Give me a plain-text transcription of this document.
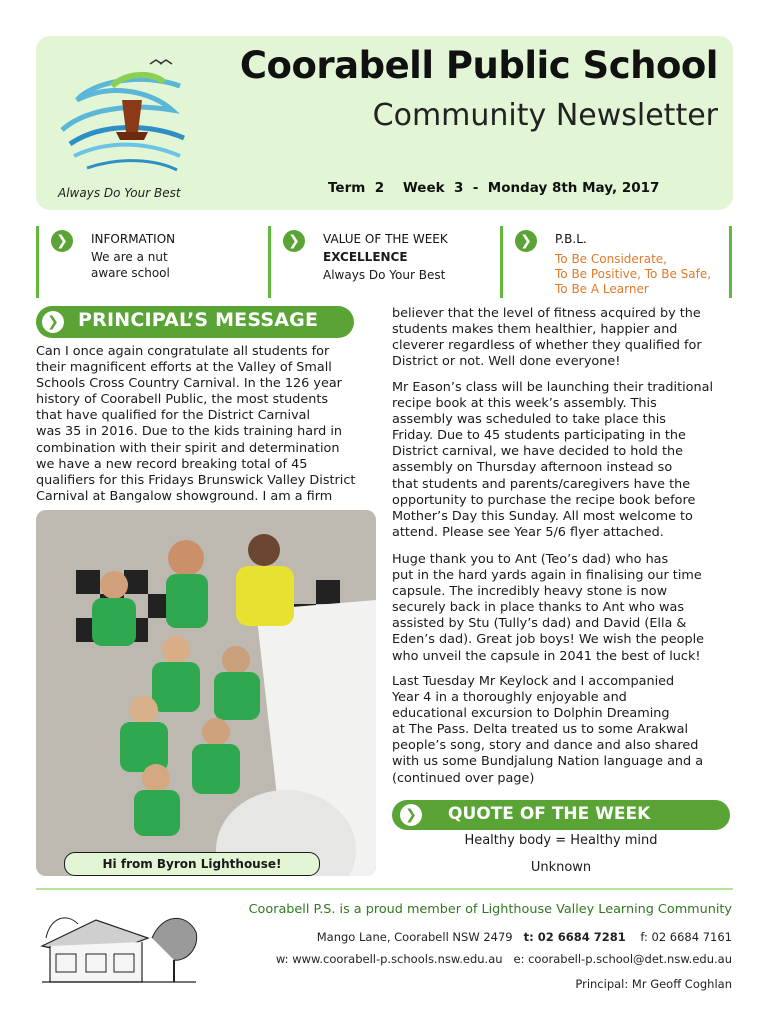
Always Do Your Best
Coorabell Public School
Community Newsletter
Term  2    Week  3  -  Monday 8th May, 2017
❯	INFORMATION
We are a nut
aware school
❯	VALUE OF THE WEEK
EXCELLENCE
Always Do Your Best
❯	P.B.L.
To Be Considerate,
To Be Positive, To Be Safe,
To Be A Learner
❯ PRINCIPAL’S MESSAGE

Can I once again congratulate all students for

their magnificent efforts at the Valley of Small

Schools Cross Country Carnival. In the 126 year

history of Coorabell Public, the most students

that have qualified for the District Carnival

was 35 in 2016. Due to the kids training hard in

combination with their spirit and determination

we have a new record breaking total of 45

qualifiers for this Fridays Brunswick Valley District

Carnival at Bangalow showground. I am a firm

Hi from Byron Lighthouse!

believer that the level of fitness acquired by the

students makes them healthier, happier and

cleverer regardless of whether they qualified for

District or not. Well done everyone!

Mr Eason’s class will be launching their traditional

recipe book at this week’s assembly. This

assembly was scheduled to take place this

Friday. Due to 45 students participating in the

District carnival, we have decided to hold the

assembly on Thursday afternoon instead so

that students and parents/caregivers have the

opportunity to purchase the recipe book before

Mother’s Day this Sunday. All most welcome to

attend. Please see Year 5/6 flyer attached.

Huge thank you to Ant (Teo’s dad) who has

put in the hard yards again in finalising our time

capsule. The incredibly heavy stone is now

securely back in place thanks to Ant who was

assisted by Stu (Tully’s dad) and David (Ella &

Eden’s dad). Great job boys! We wish the people

who unveil the capsule in 2041 the best of luck!

Last Tuesday Mr Keylock and I accompanied

Year 4 in a thoroughly enjoyable and

educational excursion to Dolphin Dreaming

at The Pass. Delta treated us to some Arakwal

people’s song, story and dance and also shared

with us some Bundjalung Nation language and a

(continued over page)

❯	QUOTE OF THE WEEK
Healthy body = Healthy mind
Unknown
Coorabell P.S. is a proud member of Lighthouse Valley Learning Community
Mango Lane, Coorabell NSW 2479 t: 02 6684 7281 f: 02 6684 7161
w: www.coorabell-p.schools.nsw.edu.au e: coorabell-p.school@det.nsw.edu.au
Principal: Mr Geoff Coghlan
